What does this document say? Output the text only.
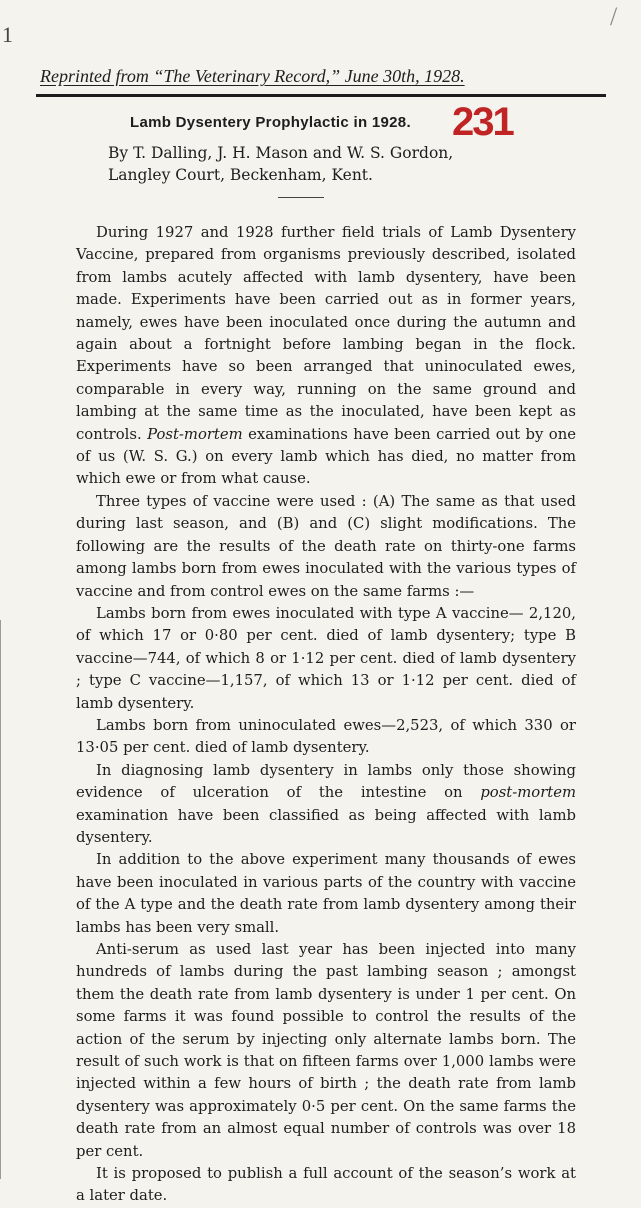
1
/
Reprinted from “The Veterinary Record,” June 30th, 1928.
Lamb Dysentery Prophylactic in 1928. 231
By T. Dalling, J. H. Mason and W. S. Gordon,
Langley Court, Beckenham, Kent.

During 1927 and 1928 further field trials of Lamb Dysentery Vaccine, prepared from organisms previously described, isolated from lambs acutely affected with lamb dysentery, have been made. Experiments have been carried out as in former years, namely, ewes have been inoculated once during the autumn and again about a fortnight before lambing began in the flock. Experiments have so been arranged that uninoculated ewes, comparable in every way, running on the same ground and lambing at the same time as the inoculated, have been kept as controls. Post-mortem examinations have been carried out by one of us (W. S. G.) on every lamb which has died, no matter from which ewe or from what cause.

Three types of vaccine were used : (A) The same as that used during last season, and (B) and (C) slight modifications. The following are the results of the death rate on thirty-one farms among lambs born from ewes inoculated with the various types of vaccine and from control ewes on the same farms :—

Lambs born from ewes inoculated with type A vaccine— 2,120, of which 17 or 0·80 per cent. died of lamb dysentery; type B vaccine—744, of which 8 or 1·12 per cent. died of lamb dysentery ; type C vaccine—1,157, of which 13 or 1·12 per cent. died of lamb dysentery.

Lambs born from uninoculated ewes—2,523, of which 330 or 13·05 per cent. died of lamb dysentery.

In diagnosing lamb dysentery in lambs only those showing evidence of ulceration of the intestine on post-mortem examination have been classified as being affected with lamb dysentery.

In addition to the above experiment many thousands of ewes have been inoculated in various parts of the country with vaccine of the A type and the death rate from lamb dysentery among their lambs has been very small.

Anti-serum as used last year has been injected into many hundreds of lambs during the past lambing season ; amongst them the death rate from lamb dysentery is under 1 per cent. On some farms it was found possible to control the results of the action of the serum by injecting only alternate lambs born. The result of such work is that on fifteen farms over 1,000 lambs were injected within a few hours of birth ; the death rate from lamb dysentery was approximately 0·5 per cent. On the same farms the death rate from an almost equal number of controls was over 18 per cent.

It is proposed to publish a full account of the season’s work at a later date.
